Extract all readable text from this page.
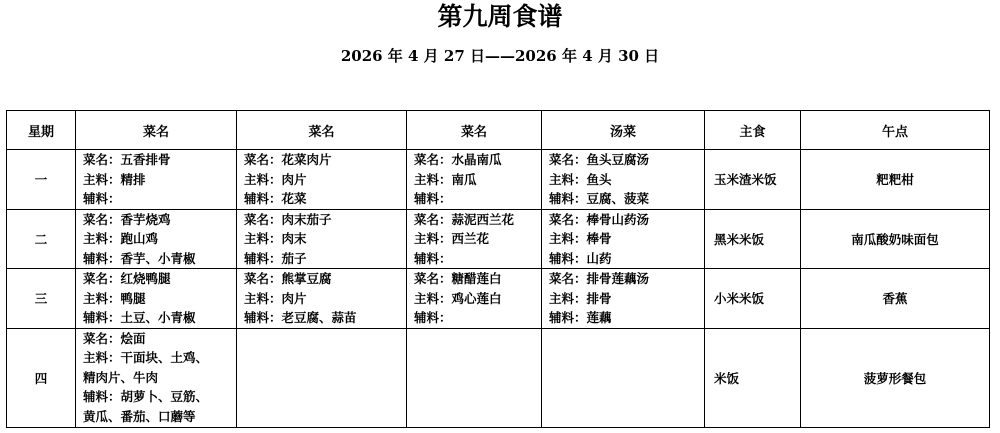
第九周食谱
2026 年 4 月 27 日——2026 年 4 月 30 日
星期	菜名	菜名	菜名	汤菜	主食	午点
一	菜名：五香排骨
主料：精排
辅料：	菜名：花菜肉片
主料：肉片
辅料：花菜	菜名：水晶南瓜
主料：南瓜
辅料：	菜名：鱼头豆腐汤
主料：鱼头
辅料：豆腐、菠菜	玉米渣米饭	粑粑柑
二	菜名：香芋烧鸡
主料：跑山鸡
辅料：香芋、小青椒	菜名：肉末茄子
主料：肉末
辅料：茄子	菜名：蒜泥西兰花
主料：西兰花
辅料：	菜名：棒骨山药汤
主料：棒骨
辅料：山药	黑米米饭	南瓜酸奶味面包
三	菜名：红烧鸭腿
主料：鸭腿
辅料：土豆、小青椒	菜名：熊掌豆腐
主料：肉片
辅料：老豆腐、蒜苗	菜名：糖醋莲白
主料：鸡心莲白
辅料：	菜名：排骨莲藕汤
主料：排骨
辅料：莲藕	小米米饭	香蕉
四	菜名：烩面
主料：干面块、土鸡、
精肉片、牛肉
辅料：胡萝卜、豆筋、
黄瓜、番茄、口蘑等				米饭	菠萝形餐包
